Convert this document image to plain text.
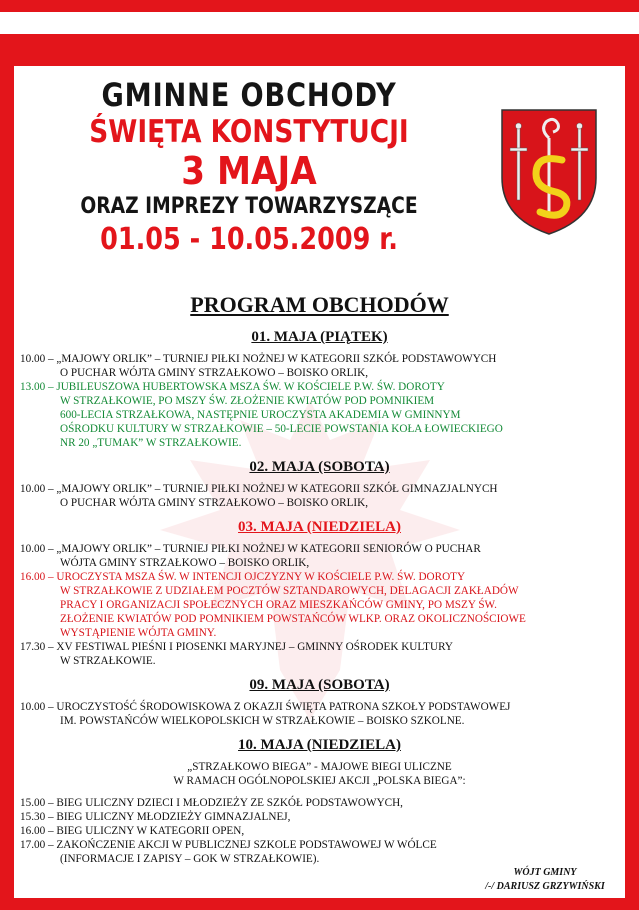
GMINNE OBCHODY
ŚWIĘTA KONSTYTUCJI
3 MAJA
ORAZ IMPREZY TOWARZYSZĄCE
01.05 - 10.05.2009 r.
PROGRAM OBCHODÓW
01. MAJA (PIĄTEK)

10.00 – „MAJOWY ORLIK” – TURNIEJ PIŁKI NOŻNEJ W KATEGORII SZKÓŁ PODSTAWOWYCH

O PUCHAR WÓJTA GMINY STRZAŁKOWO – BOISKO ORLIK,

13.00 – JUBILEUSZOWA HUBERTOWSKA MSZA ŚW. W KOŚCIELE P.W. ŚW. DOROTY

W STRZAŁKOWIE, PO MSZY ŚW. ZŁOŻENIE KWIATÓW POD POMNIKIEM
600-LECIA STRZAŁKOWA, NASTĘPNIE UROCZYSTA AKADEMIA W GMINNYM
OŚRODKU KULTURY W STRZAŁKOWIE – 50-LECIE POWSTANIA KOŁA ŁOWIECKIEGO
NR 20 „TUMAK” W STRZAŁKOWIE.

02. MAJA (SOBOTA)

10.00 – „MAJOWY ORLIK” – TURNIEJ PIŁKI NOŻNEJ W KATEGORII SZKÓŁ GIMNAZJALNYCH

O PUCHAR WÓJTA GMINY STRZAŁKOWO – BOISKO ORLIK,

03. MAJA (NIEDZIELA)

10.00 – „MAJOWY ORLIK” – TURNIEJ PIŁKI NOŻNEJ W KATEGORII SENIORÓW O PUCHAR

WÓJTA GMINY STRZAŁKOWO – BOISKO ORLIK,

16.00 – UROCZYSTA MSZA ŚW. W INTENCJI OJCZYZNY W KOŚCIELE P.W. ŚW. DOROTY

W STRZAŁKOWIE Z UDZIAŁEM POCZTÓW SZTANDAROWYCH, DELAGACJI ZAKŁADÓW
PRACY I ORGANIZACJI SPOŁECZNYCH ORAZ MIESZKAŃCÓW GMINY, PO MSZY ŚW.
ZŁOŻENIE KWIATÓW POD POMNIKIEM POWSTAŃCÓW WLKP. ORAZ OKOLICZNOŚCIOWE
WYSTĄPIENIE WÓJTA GMINY.

17.30 – XV FESTIWAL PIEŚNI I PIOSENKI MARYJNEJ – GMINNY OŚRODEK KULTURY

W STRZAŁKOWIE.

09. MAJA (SOBOTA)

10.00 – UROCZYSTOŚĆ ŚRODOWISKOWA Z OKAZJI ŚWIĘTA PATRONA SZKOŁY PODSTAWOWEJ

IM. POWSTAŃCÓW WIELKOPOLSKICH W STRZAŁKOWIE – BOISKO SZKOLNE.

10. MAJA (NIEDZIELA)

„STRZAŁKOWO BIEGA” - MAJOWE BIEGI ULICZNE

W RAMACH OGÓLNOPOLSKIEJ AKCJI „POLSKA BIEGA”:

15.00 – BIEG ULICZNY DZIECI I MŁODZIEŻY ZE SZKÓŁ PODSTAWOWYCH,

15.30 – BIEG ULICZNY MŁODZIEŻY GIMNAZJALNEJ,

16.00 – BIEG ULICZNY W KATEGORII OPEN,

17.00 – ZAKOŃCZENIE AKCJI W PUBLICZNEJ SZKOLE PODSTAWOWEJ W WÓLCE

(INFORMACJE I ZAPISY – GOK W STRZAŁKOWIE).

WÓJT GMINY
/-/ DARIUSZ GRZYWIŃSKI
